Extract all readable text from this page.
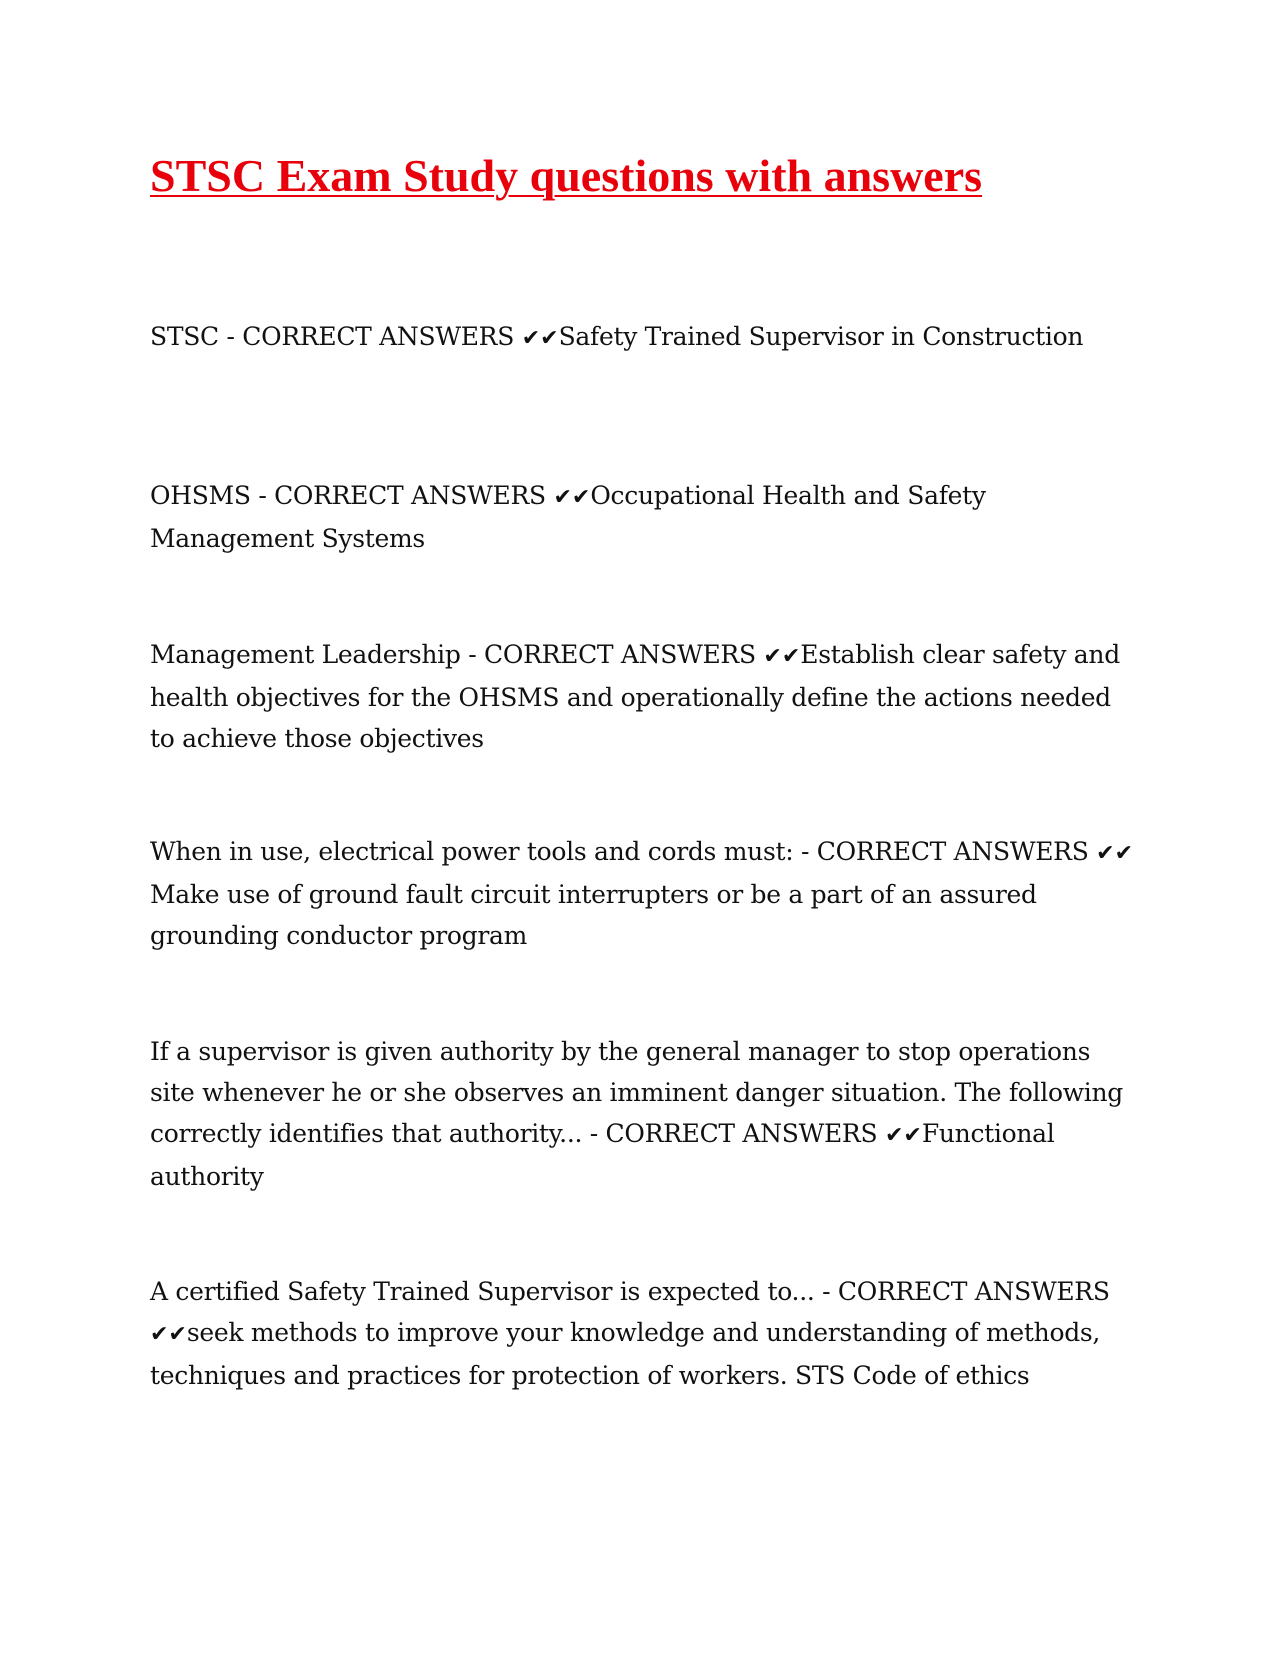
STSC Exam Study questions with answers

STSC - CORRECT ANSWERS ✔✔Safety Trained Supervisor in Construction

OHSMS - CORRECT ANSWERS ✔✔Occupational Health and Safety Management Systems

Management Leadership - CORRECT ANSWERS ✔✔Establish clear safety and health objectives for the OHSMS and operationally define the actions needed to achieve those objectives

When in use, electrical power tools and cords must: - CORRECT ANSWERS ✔✔Make use of ground fault circuit interrupters or be a part of an assured grounding conductor program

If a supervisor is given authority by the general manager to stop operations site whenever he or she observes an imminent danger situation. The following correctly identifies that authority... - CORRECT ANSWERS ✔✔Functional authority

A certified Safety Trained Supervisor is expected to... - CORRECT ANSWERS ✔✔seek methods to improve your knowledge and understanding of methods, techniques and practices for protection of workers. STS Code of ethics
